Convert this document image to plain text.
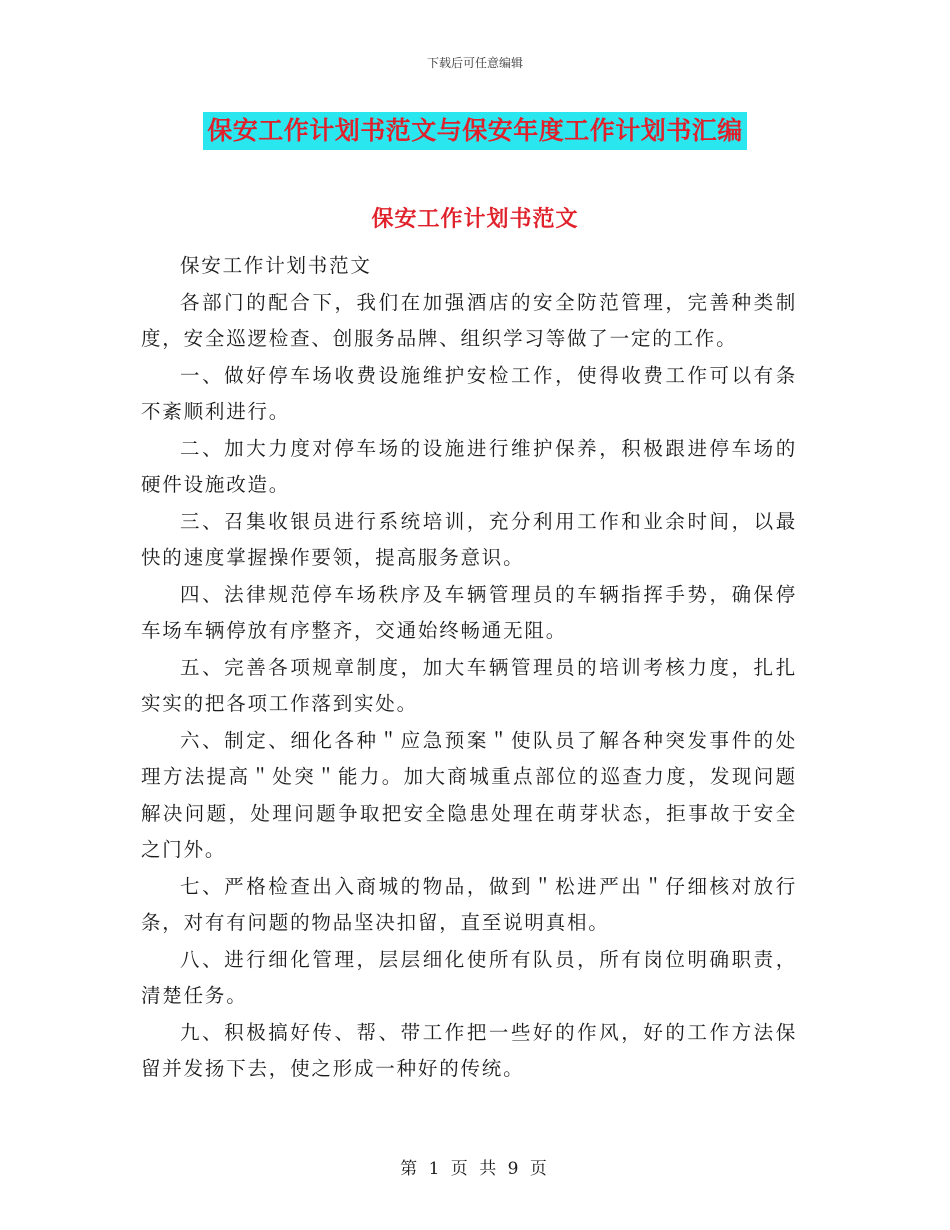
下载后可任意编辑
保安工作计划书范文与保安年度工作计划书汇编
保安工作计划书范文

保安工作计划书范文

各部门的配合下，我们在加强酒店的安全防范管理，完善种类制度，安全巡逻检查、创服务品牌、组织学习等做了一定的工作。

一、做好停车场收费设施维护安检工作，使得收费工作可以有条不紊顺利进行。

二、加大力度对停车场的设施进行维护保养，积极跟进停车场的硬件设施改造。

三、召集收银员进行系统培训，充分利用工作和业余时间，以最快的速度掌握操作要领，提高服务意识。

四、法律规范停车场秩序及车辆管理员的车辆指挥手势，确保停车场车辆停放有序整齐，交通始终畅通无阻。

五、完善各项规章制度，加大车辆管理员的培训考核力度，扎扎实实的把各项工作落到实处。

六、制定、细化各种＂应急预案＂使队员了解各种突发事件的处理方法提高＂处突＂能力。加大商城重点部位的巡查力度，发现问题解决问题，处理问题争取把安全隐患处理在萌芽状态，拒事故于安全之门外。

七、严格检查出入商城的物品，做到＂松进严出＂仔细核对放行条，对有有问题的物品坚决扣留，直至说明真相。

八、进行细化管理，层层细化使所有队员，所有岗位明确职责，清楚任务。

九、积极搞好传、帮、带工作把一些好的作风，好的工作方法保留并发扬下去，使之形成一种好的传统。

第 1 页 共 9 页
